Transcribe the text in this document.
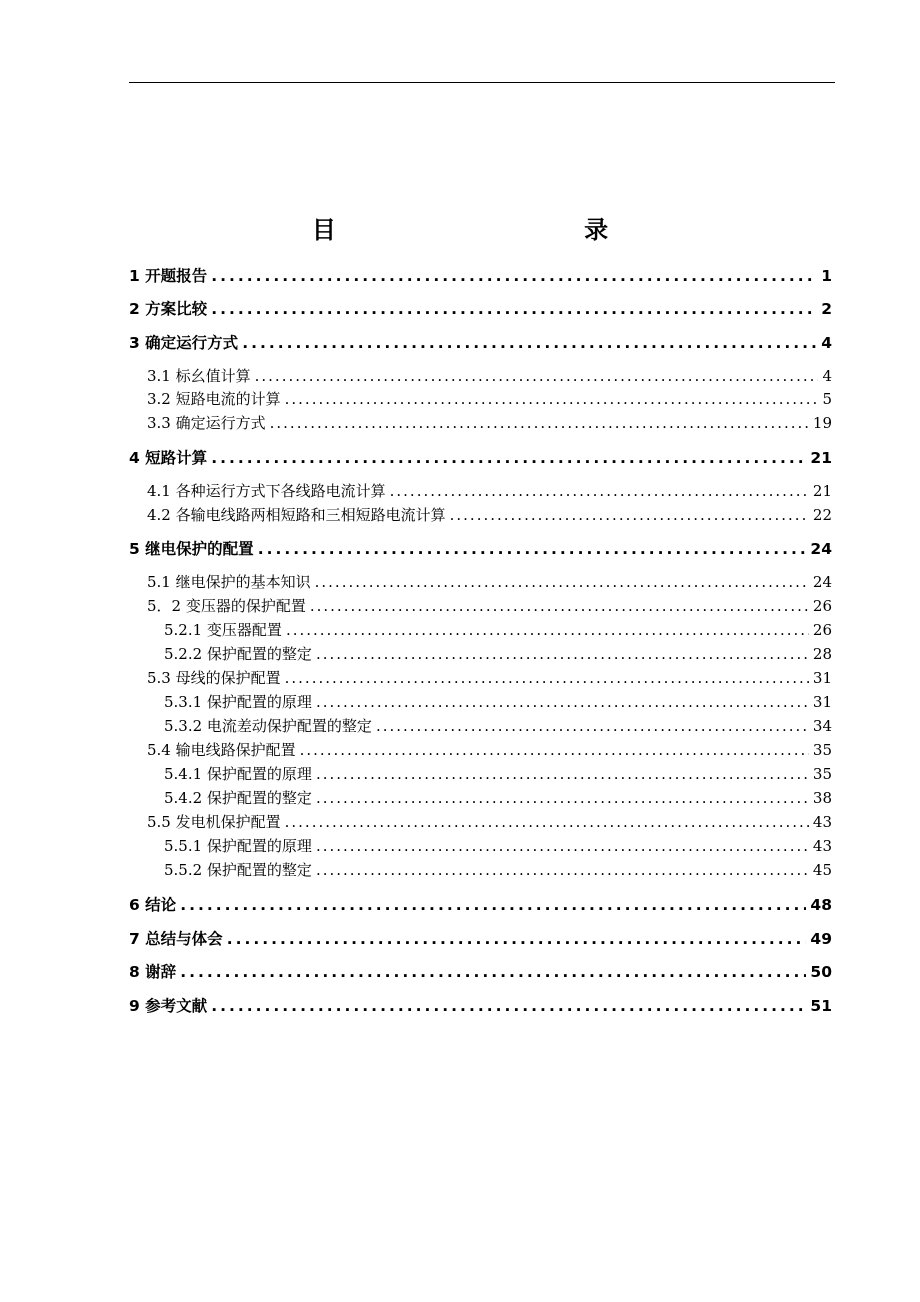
目 录
1 开题报告 .....	1
2 方案比较 .....	2
3 确定运行方式 .....	4
3.1 标幺值计算 .....	4
3.2 短路电流的计算 .....	5
3.3 确定运行方式 .....	19
4 短路计算 .....	21
4.1 各种运行方式下各线路电流计算 .....	21
4.2 各输电线路两相短路和三相短路电流计算 .....	22
5 继电保护的配置 .....	24
5.1 继电保护的基本知识 .....	24
5．2 变压器的保护配置 .....	26
5.2.1 变压器配置 .....	26
5.2.2 保护配置的整定 .....	28
5.3 母线的保护配置 .....	31
5.3.1 保护配置的原理 .....	31
5.3.2 电流差动保护配置的整定 .....	34
5.4 输电线路保护配置 .....	35
5.4.1 保护配置的原理 .....	35
5.4.2 保护配置的整定 .....	38
5.5 发电机保护配置 .....	43
5.5.1 保护配置的原理 .....	43
5.5.2 保护配置的整定 .....	45
6 结论 .....	48
7 总结与体会 .....	49
8 谢辞 .....	50
9 参考文献 .....	51
